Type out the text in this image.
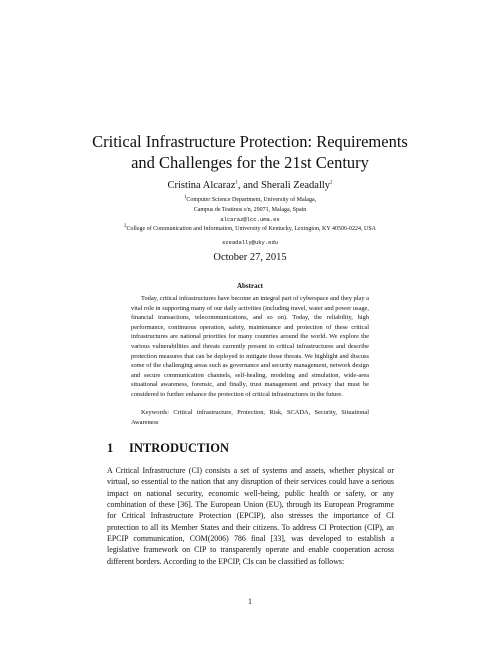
Critical Infrastructure Protection: Requirements
and Challenges for the 21st Century
Cristina Alcaraz$^1$, and Sherali Zeadally$^2$
$^1$Computer Science Department, University of Malaga,
Campus de Teatinos s/n, 29071, Malaga, Spain
alcaraz@lcc.uma.es
$^2$College of Communication and Information, University of Kentucky, Lexington, KY 40506-0224, USA
szeadally@uky.edu
October 27, 2015
Abstract
Today, critical infrastructures have become an integral part of cyberspace and they play a vital role in supporting many of our daily activities (including travel, water and power usage, financial transactions, telecommunications, and so on). Today, the reliability, high performance, continuous operation, safety, maintenance and protection of these critical infrastructures are national priorities for many countries around the world. We explore the various vulnerabilities and threats currently present in critical infrastructures and describe protection measures that can be deployed to mitigate those threats. We highlight and discuss some of the challenging areas such as governance and security management, network design and secure communication channels, self-healing, modeling and simulation, wide-area situational awareness, forensic, and finally, trust management and privacy that must be considered to further enhance the protection of critical infrastructures in the future.
Keywords: Critical infrastructure, Protection, Risk, SCADA, Security, Situational Awareness
1 INTRODUCTION
A Critical Infrastructure (CI) consists a set of systems and assets, whether physical or virtual, so essential to the nation that any disruption of their services could have a serious impact on national security, economic well-being, public health or safety, or any combination of these [36]. The European Union (EU), through its European Programme for Critical Infrastructure Protection (EPCIP), also stresses the importance of CI protection to all its Member States and their citizens. To address CI Protection (CIP), an EPCIP communication, COM(2006) 786 final [33], was developed to establish a legislative framework on CIP to transparently operate and enable cooperation across different borders. According to the EPCIP, CIs can be classified as follows:
1
